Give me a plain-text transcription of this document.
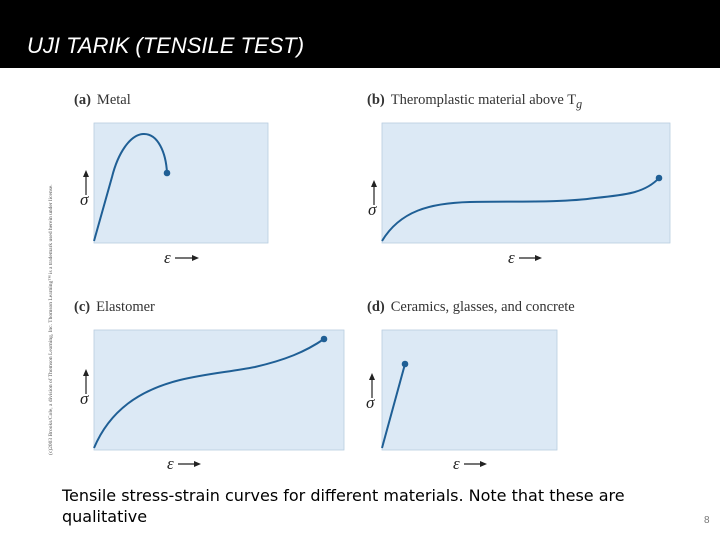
UJI TARIK (TENSILE TEST)
(c)2003 Brooks/Cole, a division of Thomson Learning, Inc. Thomson Learning™ is a trademark used herein under license.
(a) Metal
σ
ε
(b) Theromplastic material above $T_g$
σ
ε
(c) Elastomer
σ
ε
(d) Ceramics, glasses, and concrete
σ
ε
Tensile stress-strain curves for different materials. Note that these are qualitative	8
